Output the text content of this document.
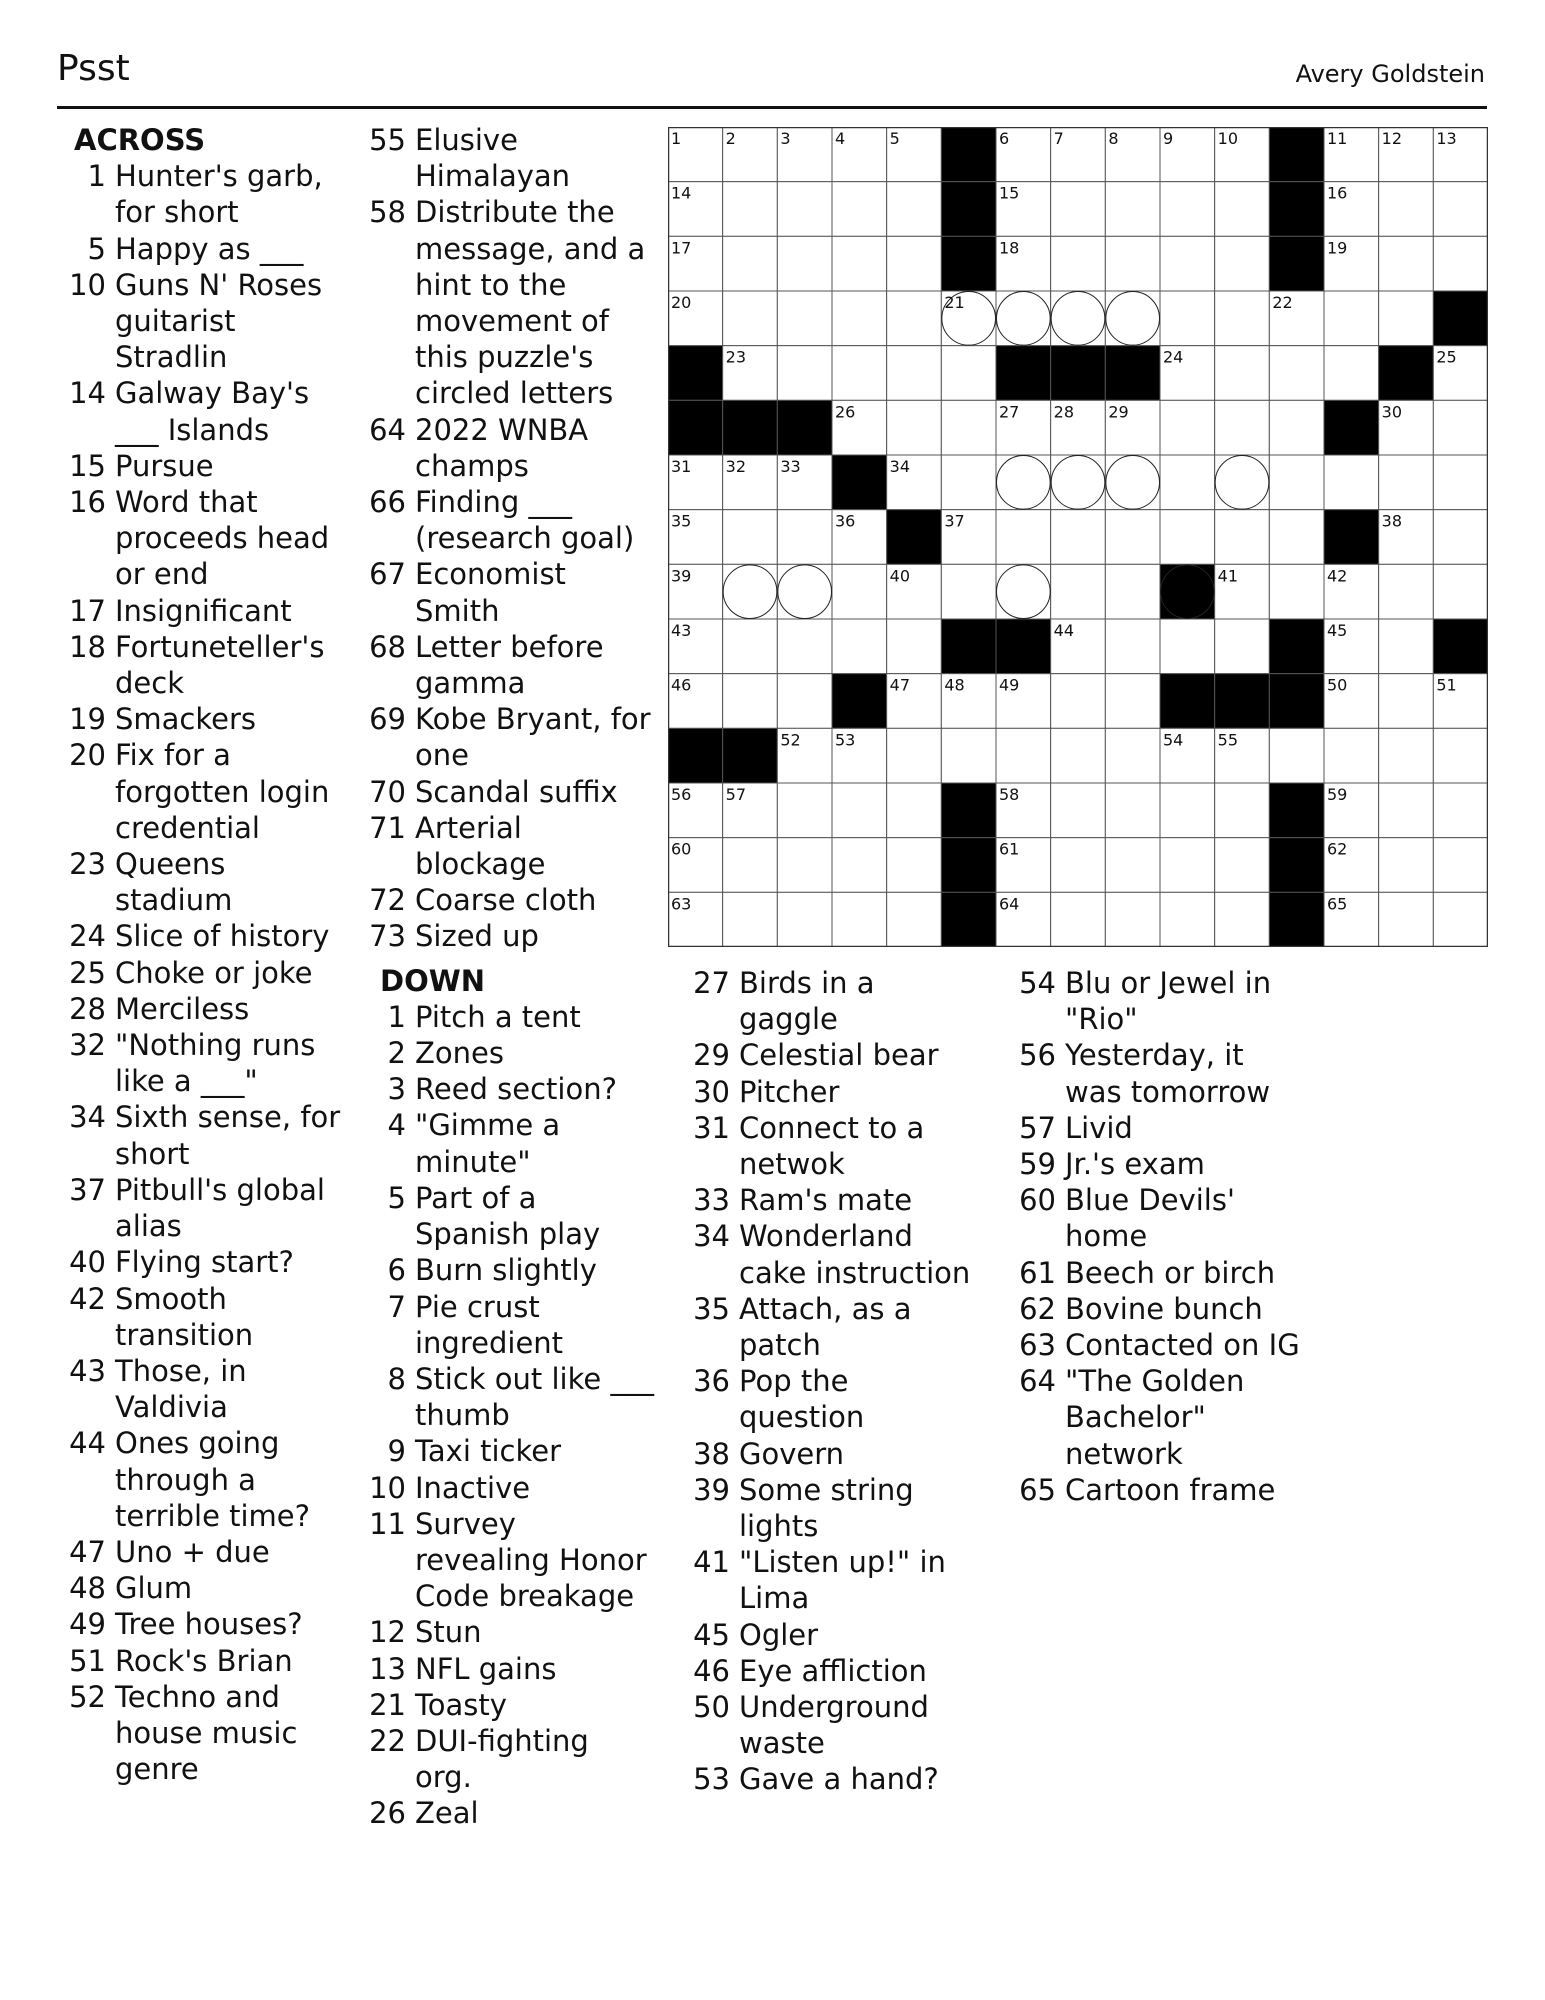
Psst	Avery Goldstein
ACROSS
1 Hunter's garb,
for short
5 Happy as ___
10 Guns N' Roses
guitarist
Stradlin
14 Galway Bay's
___ Islands
15 Pursue
16 Word that
proceeds head
or end
17 Insignificant
18 Fortuneteller's
deck
19 Smackers
20 Fix for a
forgotten login
credential
23 Queens
stadium
24 Slice of history
25 Choke or joke
28 Merciless
32 "Nothing runs
like a ___"
34 Sixth sense, for
short
37 Pitbull's global
alias
40 Flying start?
42 Smooth
transition
43 Those, in
Valdivia
44 Ones going
through a
terrible time?
47 Uno + due
48 Glum
49 Tree houses?
51 Rock's Brian
52 Techno and
house music
genre
55 Elusive
Himalayan
58 Distribute the
message, and a
hint to the
movement of
this puzzle's
circled letters
64 2022 WNBA
champs
66 Finding ___
(research goal)
67 Economist
Smith
68 Letter before
gamma
69 Kobe Bryant, for
one
70 Scandal suffix
71 Arterial
blockage
72 Coarse cloth
73 Sized up
DOWN
1 Pitch a tent
2 Zones
3 Reed section?
4 "Gimme a
minute"
5 Part of a
Spanish play
6 Burn slightly
7 Pie crust
ingredient
8 Stick out like ___
thumb
9 Taxi ticker
10 Inactive
11 Survey
revealing Honor
Code breakage
12 Stun
13 NFL gains
21 Toasty
22 DUI-fighting
org.
26 Zeal
27 Birds in a
gaggle
29 Celestial bear
30 Pitcher
31 Connect to a
netwok
33 Ram's mate
34 Wonderland
cake instruction
35 Attach, as a
patch
36 Pop the
question
38 Govern
39 Some string
lights
41 "Listen up!" in
Lima
45 Ogler
46 Eye affliction
50 Underground
waste
53 Gave a hand?
54 Blu or Jewel in
"Rio"
56 Yesterday, it
was tomorrow
57 Livid
59 Jr.'s exam
60 Blue Devils'
home
61 Beech or birch
62 Bovine bunch
63 Contacted on IG
64 "The Golden
Bachelor"
network
65 Cartoon frame
1	2	3	4	5	6	7	8	9	10	11 12 13
14	15	16
17	18	19
20	21	22
23	24	25
26	27 28 29	30
31 32 33	34
35	36	37	38
39	40	41	42
43	44	45
46	47 48 49	50	51
52 53	54 55
56 57	58	59
60	61	62
63	64	65
